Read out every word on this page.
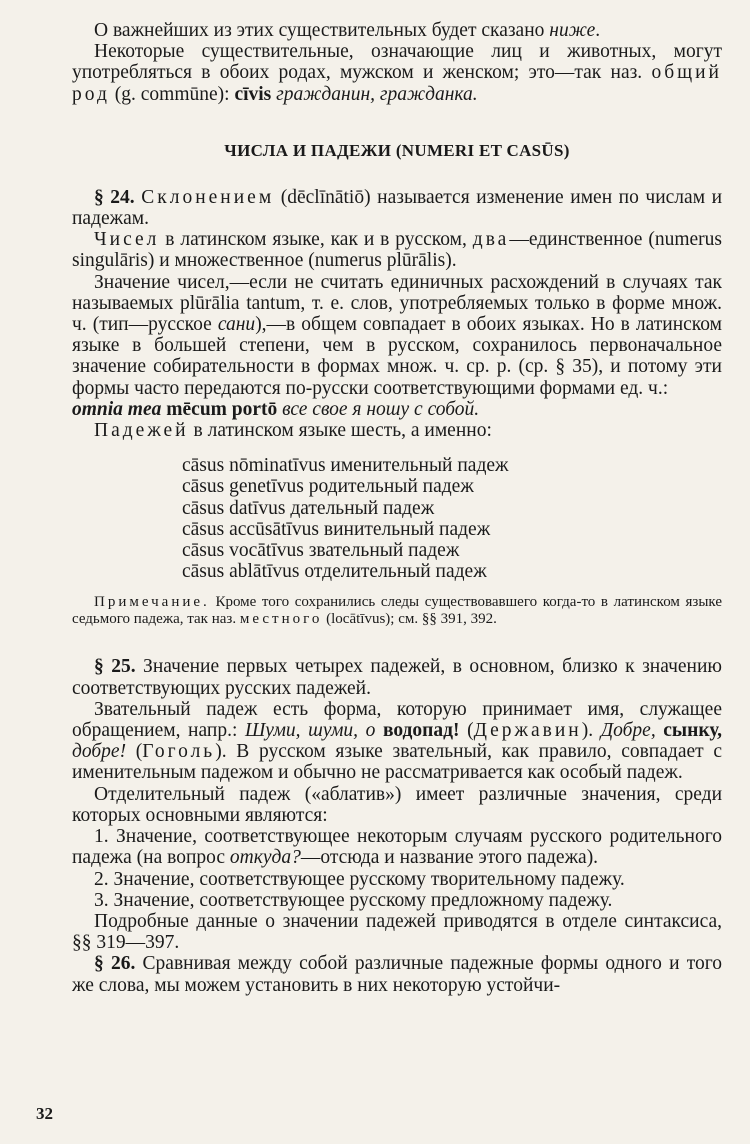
О важнейших из этих существительных будет сказано ниже.

Некоторые существительные, означающие лиц и животных, могут употребляться в обоих родах, мужском и женском; это—так наз. общий род (g. commūne): cīvis гражданин, гражданка.

ЧИСЛА И ПАДЕЖИ (NUMERI ET CASŪS)

§ 24. Склонением (dēclīnātiō) называется изменение имен по числам и падежам.

Чисел в латинском языке, как и в русском, два—единственное (numerus singulāris) и множественное (numerus plūrālis).

Значение чисел,—если не считать единичных расхождений в случаях так называемых plūrālia tantum, т. е. слов, употребляемых только в форме множ. ч. (тип—русское сани),—в общем совпадает в обоих языках. Но в латинском языке в большей степени, чем в русском, сохранилось первоначальное значение собирательности в формах множ. ч. ср. р. (ср. § 35), и потому эти формы часто передаются по-русски соответствующими формами ед. ч.:

omnia mea mēcum portō все свое я ношу с собой.

Падежей в латинском языке шесть, а именно:

cāsus nōminatīvus именительный падеж
cāsus genetīvus родительный падеж
cāsus datīvus дательный падеж
cāsus accūsātīvus винительный падеж
cāsus vocātīvus звательный падеж
cāsus ablātīvus отделительный падеж

Примечание. Кроме того сохранились следы существовавшего когда-то в латинском языке седьмого падежа, так наз. местного (locātīvus); см. §§ 391, 392.

§ 25. Значение первых четырех падежей, в основном, близко к значению соответствующих русских падежей.

Звательный падеж есть форма, которую принимает имя, служащее обращением, напр.: Шуми, шуми, о водопад! (Державин). Добре, сынку, добре! (Гоголь). В русском языке звательный, как правило, совпадает с именительным падежом и обычно не рассматривается как особый падеж.

Отделительный падеж («аблатив») имеет различные значения, среди которых основными являются:

1. Значение, соответствующее некоторым случаям русского родительного падежа (на вопрос откуда?—отсюда и название этого падежа).

2. Значение, соответствующее русскому творительному падежу.

3. Значение, соответствующее русскому предложному падежу.

Подробные данные о значении падежей приводятся в отделе синтаксиса, §§ 319—397.

§ 26. Сравнивая между собой различные падежные формы одного и того же слова, мы можем установить в них некоторую устойчи-

32
